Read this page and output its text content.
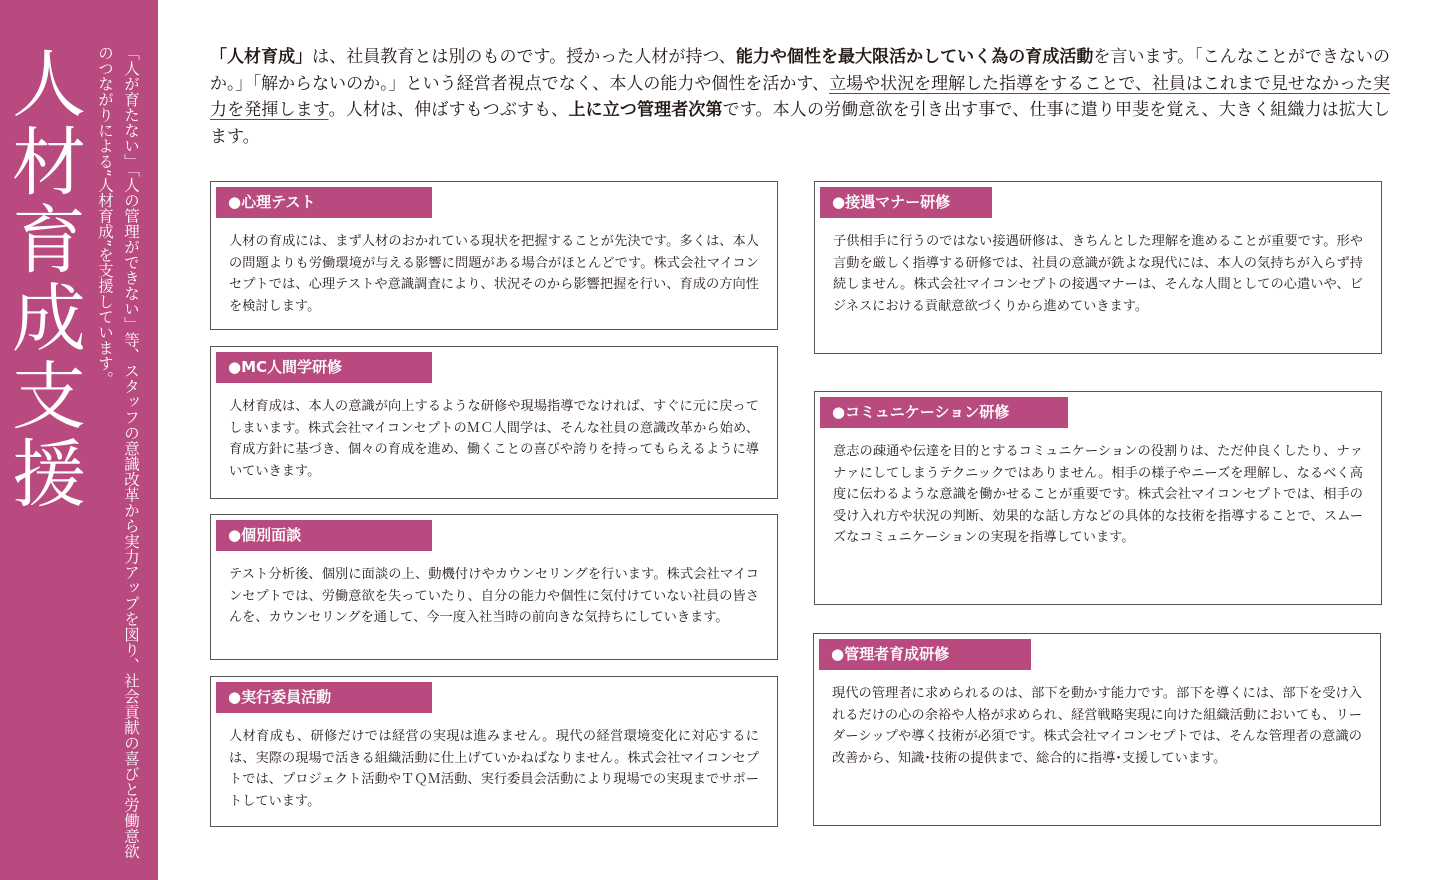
人材育成支援	「人が育たない」「人の管理ができない」等、スタッフの意識改革から実力アップを図り、社会貢献の喜びと労働意欲のつながりによる“人材育成”を支援しています。	「人材育成」は、社員教育とは別のものです。授かった人材が持つ、能力や個性を最大限活かしていく為の育成活動を言います。「こんなことができないのか。」「解からないのか。」という経営者視点でなく、本人の能力や個性を活かす、立場や状況を理解した指導をすることで、社員はこれまで見せなかった実力を発揮します。人材は、伸ばすもつぶすも、上に立つ管理者次第です。本人の労働意欲を引き出す事で、仕事に遣り甲斐を覚え、大きく組織力は拡大します。

●心理テスト

人材の育成には、まず人材のおかれている現状を把握することが先決です。多くは、本人の問題よりも労働環境が与える影響に問題がある場合がほとんどです。株式会社マイコンセプトでは、心理テストや意識調査により、状況そのから影響把握を行い、育成の方向性を検討します。

●MC人間学研修

人材育成は、本人の意識が向上するような研修や現場指導でなければ、すぐに元に戻ってしまいます。株式会社マイコンセプトのＭＣ人間学は、そんな社員の意識改革から始め、育成方針に基づき、個々の育成を進め、働くことの喜びや誇りを持ってもらえるように導いていきます。

●個別面談

テスト分析後、個別に面談の上、動機付けやカウンセリングを行います。株式会社マイコンセプトでは、労働意欲を失っていたり、自分の能力や個性に気付けていない社員の皆さんを、カウンセリングを通して、今一度入社当時の前向きな気持ちにしていきます。

●実行委員活動

人材育成も、研修だけでは経営の実現は進みません。現代の経営環境変化に対応するには、実際の現場で活きる組織活動に仕上げていかねばなりません。株式会社マイコンセプトでは、プロジェクト活動やＴＱＭ活動、実行委員会活動により現場での実現までサポートしています。

●接遇マナー研修

子供相手に行うのではない接遇研修は、きちんとした理解を進めることが重要です。形や言動を厳しく指導する研修では、社員の意識が銑よな現代には、本人の気持ちが入らず持続しません。株式会社マイコンセプトの接遇マナーは、そんな人間としての心遣いや、ビジネスにおける貢献意欲づくりから進めていきます。

●コミュニケーション研修

意志の疎通や伝達を目的とするコミュニケーションの役割りは、ただ仲良くしたり、ナァナァにしてしまうテクニックではありません。相手の様子やニーズを理解し、なるべく高度に伝わるような意識を働かせることが重要です。株式会社マイコンセプトでは、相手の受け入れ方や状況の判断、効果的な話し方などの具体的な技術を指導することで、スムーズなコミュニケーションの実現を指導しています。

●管理者育成研修

現代の管理者に求められるのは、部下を動かす能力です。部下を導くには、部下を受け入れるだけの心の余裕や人格が求められ、経営戦略実現に向けた組織活動においても、リーダーシップや導く技術が必須です。株式会社マイコンセプトでは、そんな管理者の意識の改善から、知識･技術の提供まで、総合的に指導･支援しています。
